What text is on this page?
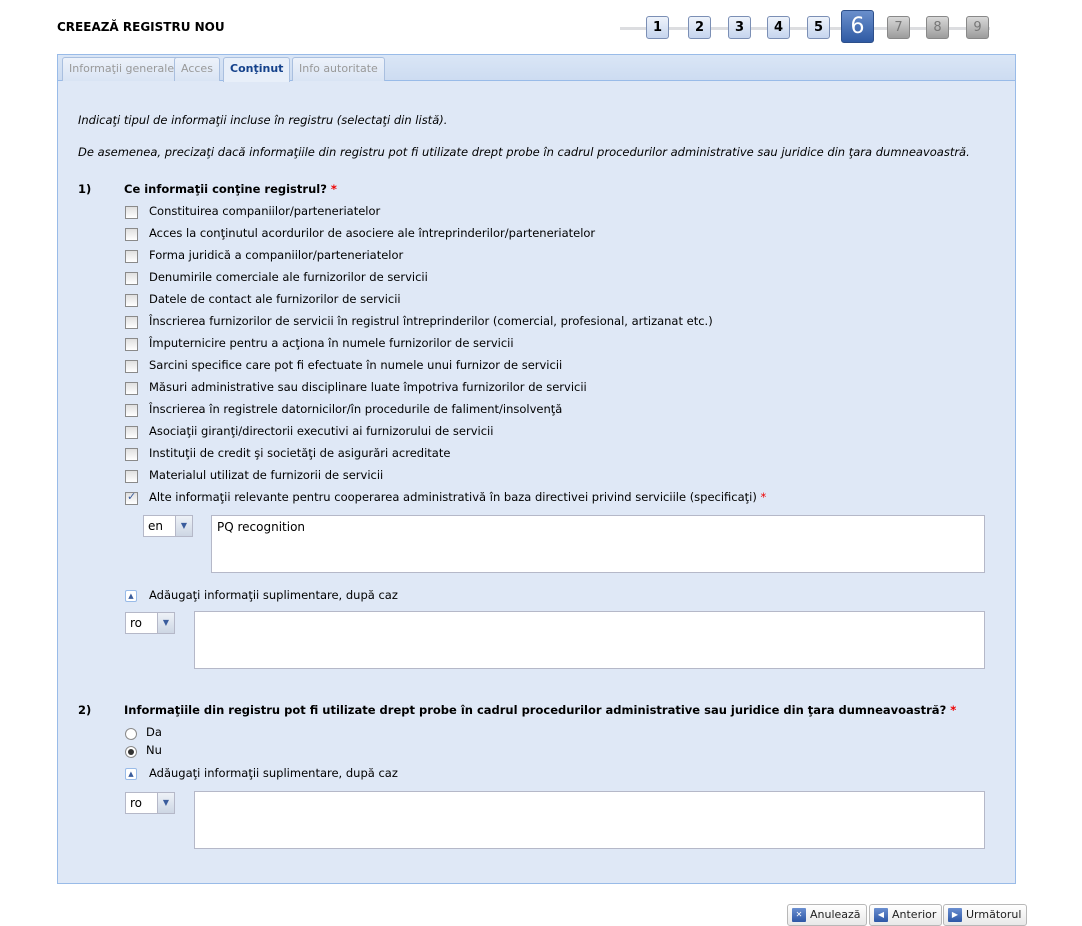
CREEAZĂ REGISTRU NOU	1	2	3	4	5	6	7	8	9
Informaţii generale Acces	Conţinut	Info autoritate
Indicaţi tipul de informaţii incluse în registru (selectaţi din listă).
De asemenea, precizaţi dacă informaţiile din registru pot fi utilizate drept probe în cadrul procedurilor administrative sau juridice din ţara dumneavoastră.
1)	Ce informaţii conţine registrul? *
Constituirea companiilor/parteneriatelor
Acces la conţinutul acordurilor de asociere ale întreprinderilor/parteneriatelor
Forma juridică a companiilor/parteneriatelor
Denumirile comerciale ale furnizorilor de servicii
Datele de contact ale furnizorilor de servicii
Înscrierea furnizorilor de servicii în registrul întreprinderilor (comercial, profesional, artizanat etc.)
Împuternicire pentru a acţiona în numele furnizorilor de servicii
Sarcini specifice care pot fi efectuate în numele unui furnizor de servicii
Măsuri administrative sau disciplinare luate împotriva furnizorilor de servicii
Înscrierea în registrele datornicilor/în procedurile de faliment/insolvenţă
Asociaţii giranţi/directorii executivi ai furnizorului de servicii
Instituţii de credit şi societăţi de asigurări acreditate
Materialul utilizat de furnizorii de servicii
✓
Alte informaţii relevante pentru cooperarea administrativă în baza directivei privind serviciile (specificaţi) *
en	▼	PQ recognition
▲ Adăugaţi informaţii suplimentare, după caz
ro	▼
2)	Informaţiile din registru pot fi utilizate drept probe în cadrul procedurilor administrative sau juridice din ţara dumneavoastră? *
Da
Nu
▲ Adăugaţi informaţii suplimentare, după caz
ro	▼
✕ Anulează	◀ Anterior	▶ Următorul
